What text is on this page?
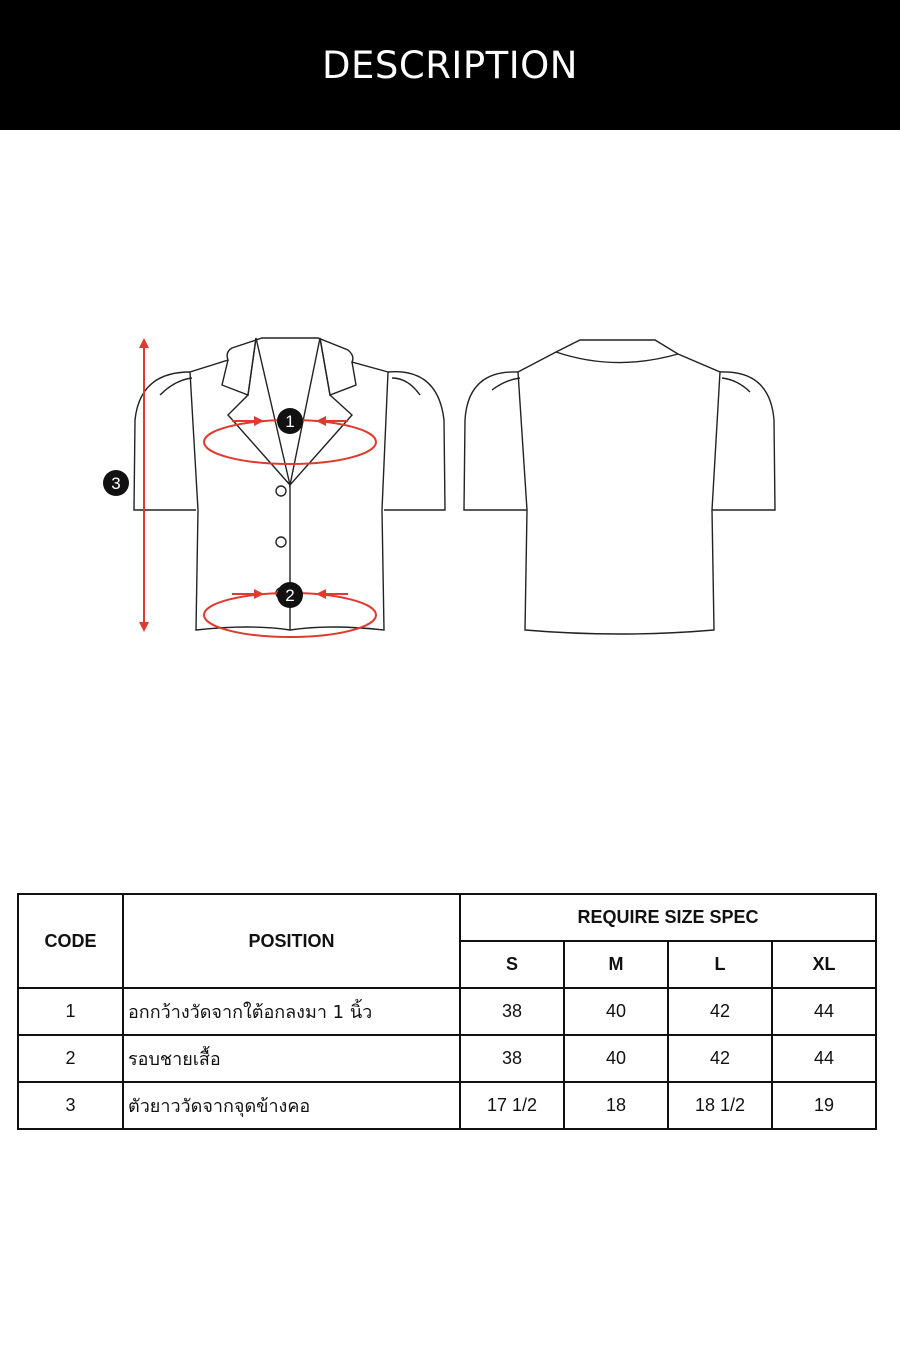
DESCRIPTION
1
2
3
CODE	POSITION	REQUIRE SIZE SPEC			
		S	M	L	XL
1	อกกว้างวัดจากใต้อกลงมา 1 นิ้ว	38	40	42	44
2	รอบชายเสื้อ	38	40	42	44
3	ตัวยาววัดจากจุดข้างคอ	17 1/2	18	18 1/2	19
